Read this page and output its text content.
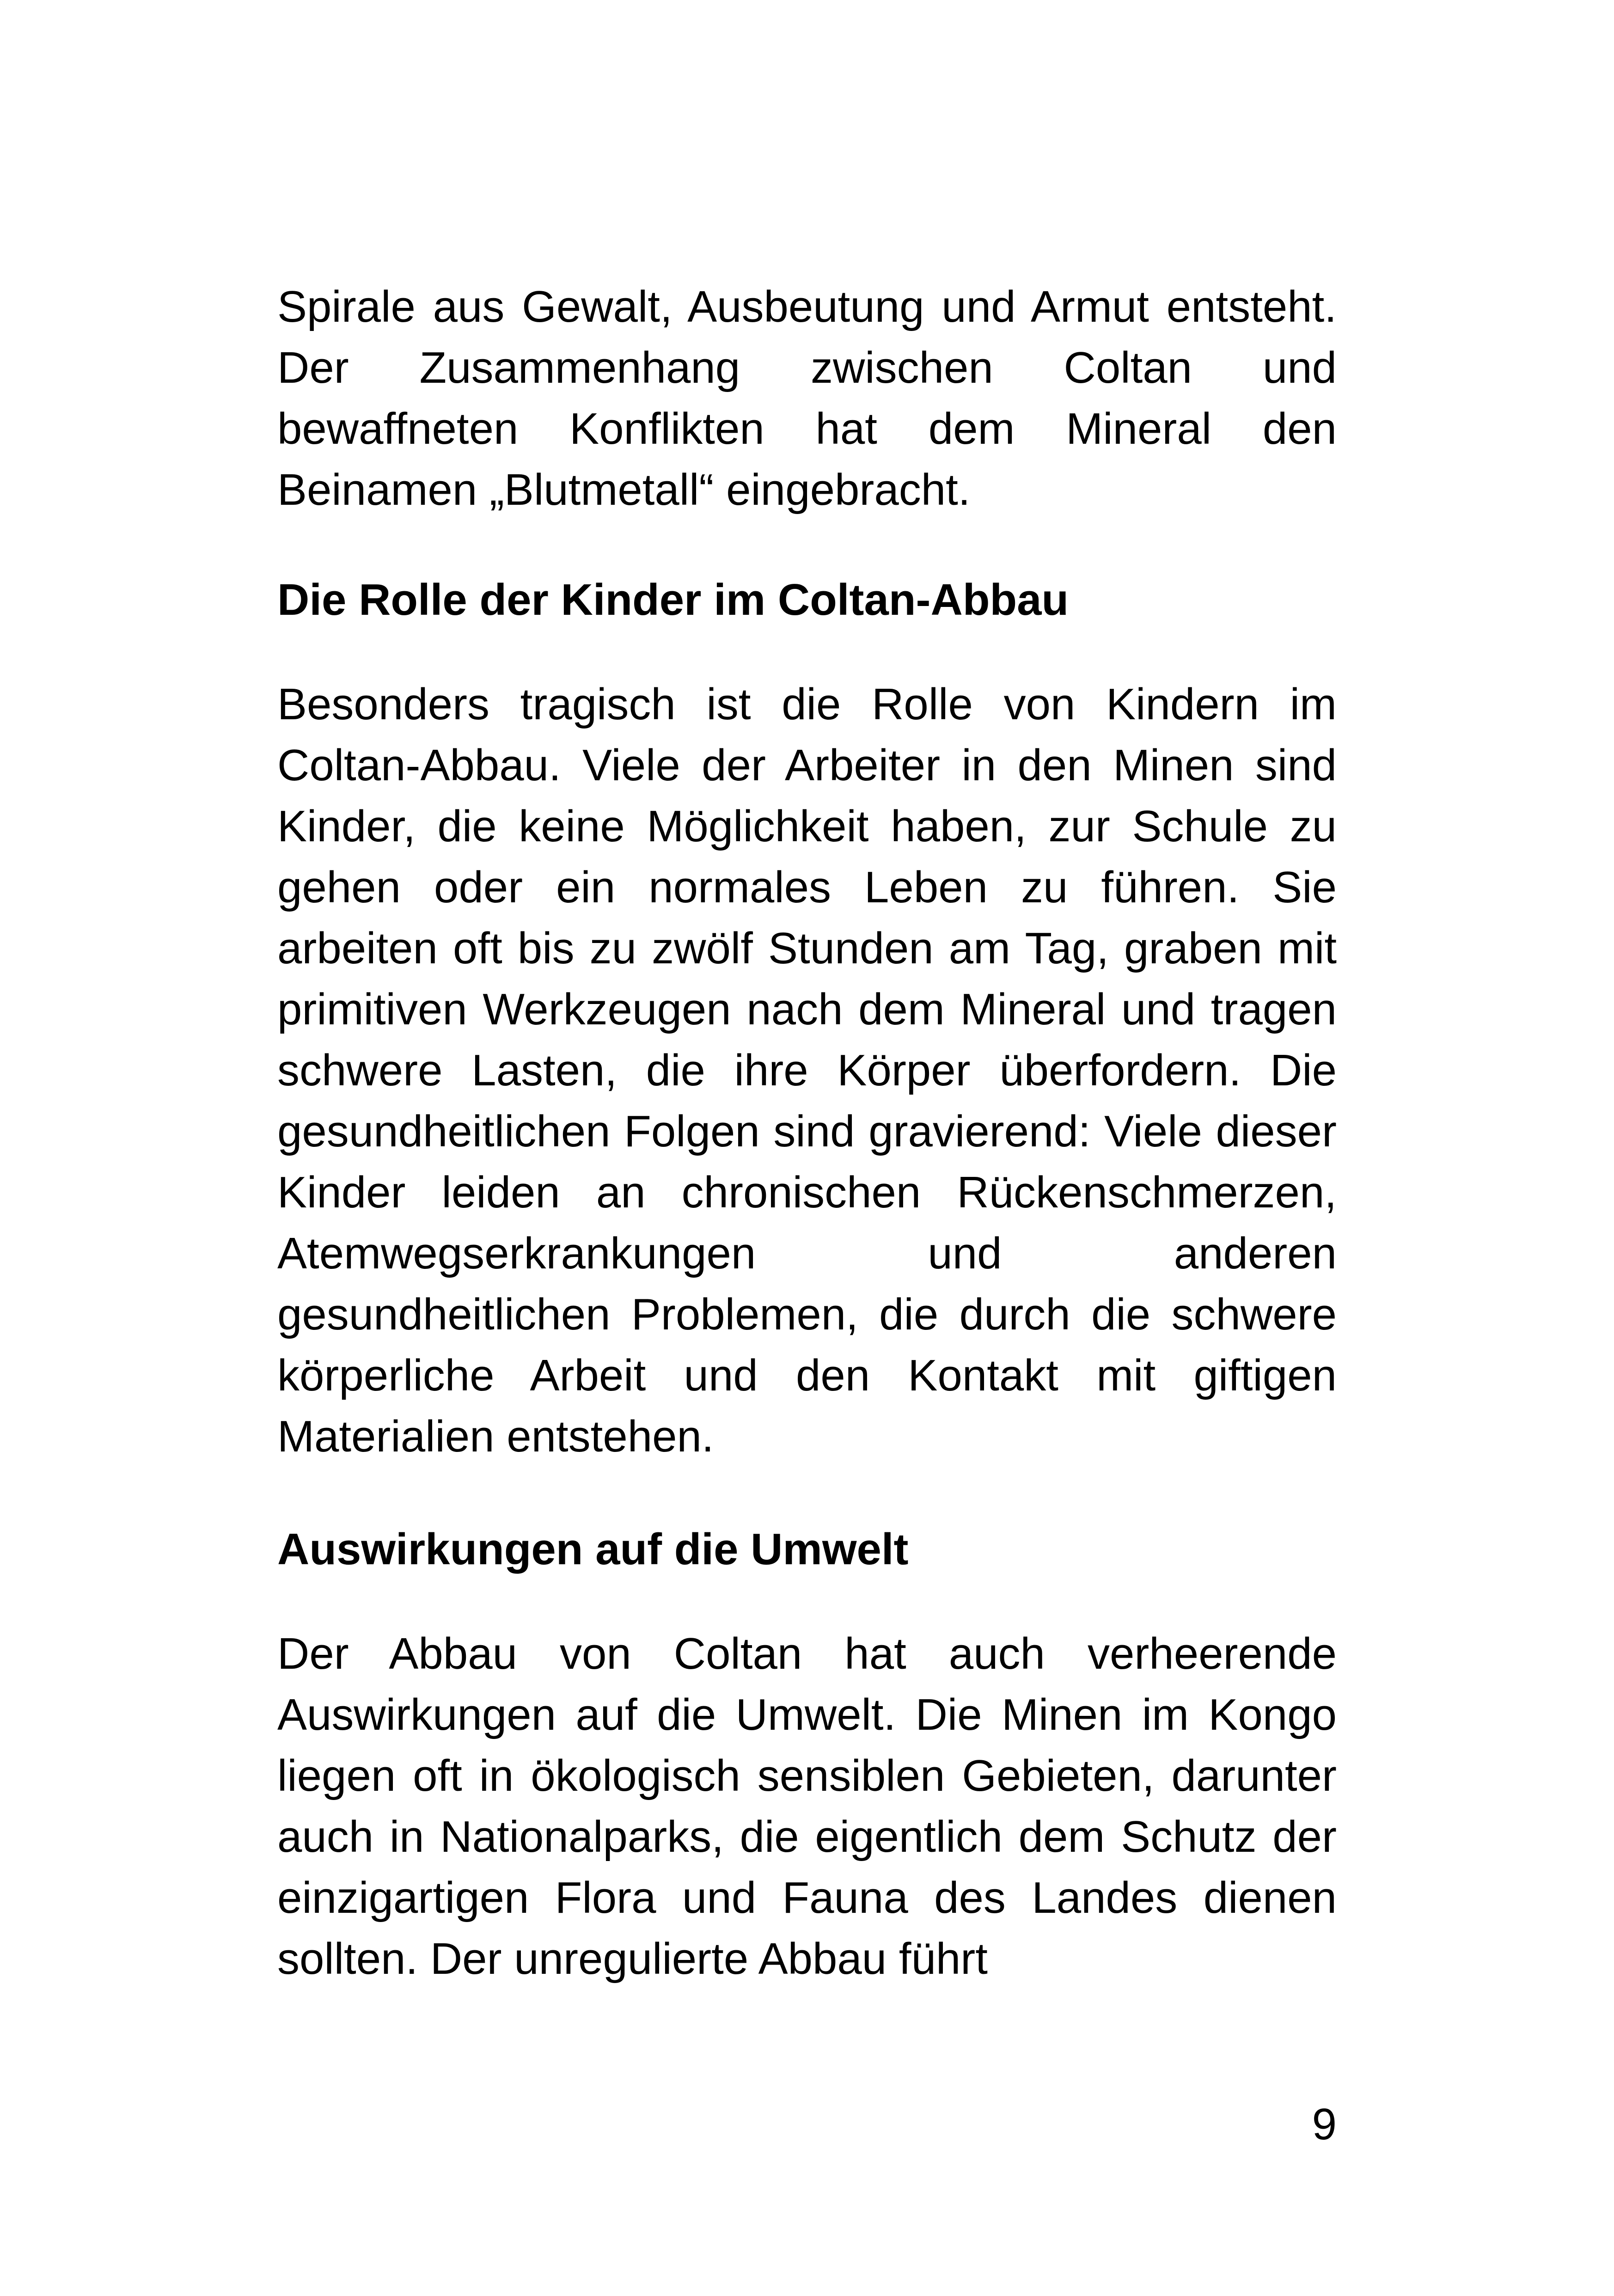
Spirale aus Gewalt, Ausbeutung und Armut entsteht. Der Zusammenhang zwischen Coltan und bewaffneten Konflikten hat dem Mineral den Beinamen „Blutmetall“ eingebracht.

Die Rolle der Kinder im Coltan-Abbau

Besonders tragisch ist die Rolle von Kindern im Coltan-Abbau. Viele der Arbeiter in den Minen sind Kinder, die keine Möglichkeit haben, zur Schule zu gehen oder ein normales Leben zu führen. Sie arbeiten oft bis zu zwölf Stunden am Tag, graben mit primitiven Werkzeugen nach dem Mineral und tragen schwere Lasten, die ihre Körper überfordern. Die gesundheitlichen Folgen sind gravierend: Viele dieser Kinder leiden an chronischen Rückenschmerzen, Atemwegserkrankungen und anderen gesundheitlichen Problemen, die durch die schwere körperliche Arbeit und den Kontakt mit giftigen Materialien entstehen.

Auswirkungen auf die Umwelt

Der Abbau von Coltan hat auch verheerende Auswirkungen auf die Umwelt. Die Minen im Kongo liegen oft in ökologisch sensiblen Gebieten, darunter auch in Nationalparks, die eigentlich dem Schutz der einzigartigen Flora und Fauna des Landes dienen sollten. Der unregulierte Abbau führt

9
